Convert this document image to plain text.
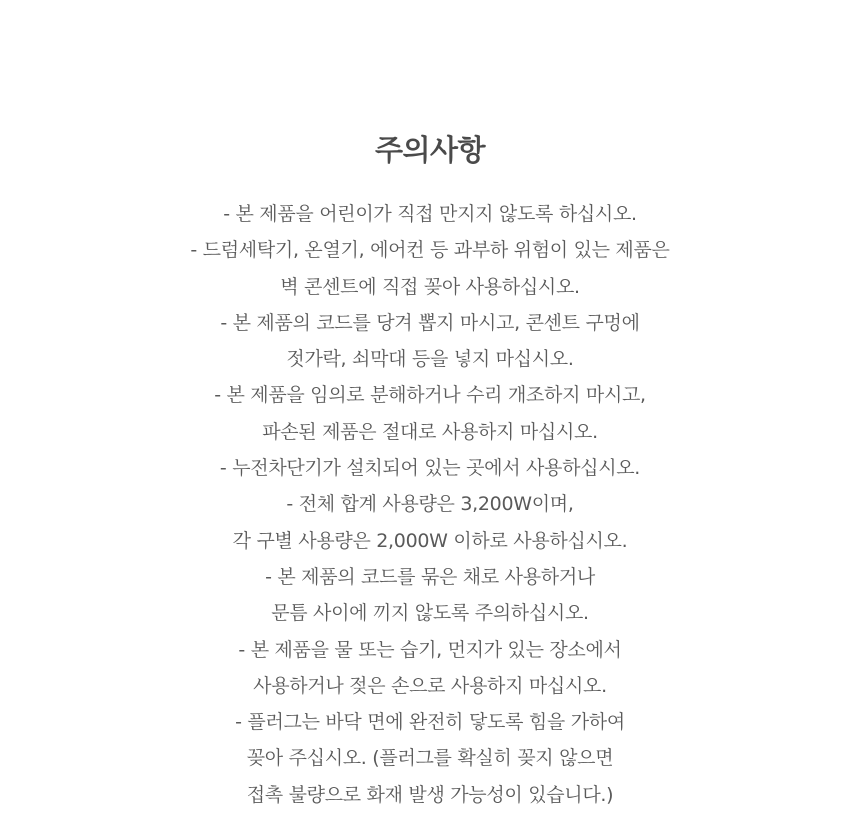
주의사항
- 본 제품을 어린이가 직접 만지지 않도록 하십시오.
- 드럼세탁기, 온열기, 에어컨 등 과부하 위험이 있는 제품은
벽 콘센트에 직접 꽂아 사용하십시오.
- 본 제품의 코드를 당겨 뽑지 마시고, 콘센트 구멍에
젓가락, 쇠막대 등을 넣지 마십시오.
- 본 제품을 임의로 분해하거나 수리 개조하지 마시고,
파손된 제품은 절대로 사용하지 마십시오.
- 누전차단기가 설치되어 있는 곳에서 사용하십시오.
- 전체 합계 사용량은 3,200W이며,
각 구별 사용량은 2,000W 이하로 사용하십시오.
- 본 제품의 코드를 묶은 채로 사용하거나
문틈 사이에 끼지 않도록 주의하십시오.
- 본 제품을 물 또는 습기, 먼지가 있는 장소에서
사용하거나 젖은 손으로 사용하지 마십시오.
- 플러그는 바닥 면에 완전히 닿도록 힘을 가하여
꽂아 주십시오. (플러그를 확실히 꽂지 않으면
접촉 불량으로 화재 발생 가능성이 있습니다.)
